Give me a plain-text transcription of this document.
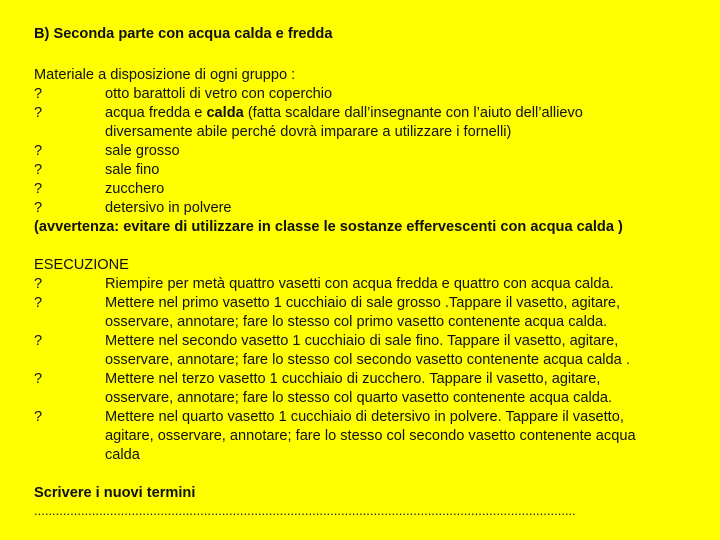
B) Seconda parte con acqua calda e fredda
Materiale a disposizione di ogni gruppo :
?	otto barattoli di vetro con coperchio
?	acqua fredda e calda (fatta scaldare dall’insegnante con l’aiuto dell’allievo
diversamente abile perché dovrà imparare a utilizzare i fornelli)
?	sale grosso
?	sale fino
?	zucchero
?	detersivo in polvere
(avvertenza: evitare di utilizzare in classe le sostanze effervescenti con acqua calda )
ESECUZIONE
?	Riempire per metà quattro vasetti con acqua fredda e quattro con acqua calda.
?	Mettere nel primo vasetto 1 cucchiaio di sale grosso .Tappare il vasetto, agitare,
osservare, annotare; fare lo stesso col primo vasetto contenente acqua calda.
?	Mettere nel secondo vasetto 1 cucchiaio di sale fino. Tappare il vasetto, agitare,
osservare, annotare; fare lo stesso col secondo vasetto contenente acqua calda .
?	Mettere nel terzo vasetto 1 cucchiaio di zucchero. Tappare il vasetto, agitare,
osservare, annotare; fare lo stesso col quarto vasetto contenente acqua calda.
?	Mettere nel quarto vasetto 1 cucchiaio di detersivo in polvere. Tappare il vasetto,
agitare, osservare, annotare; fare lo stesso col secondo vasetto contenente acqua
calda
Scrivere i nuovi termini
......................................................................................................................................................
